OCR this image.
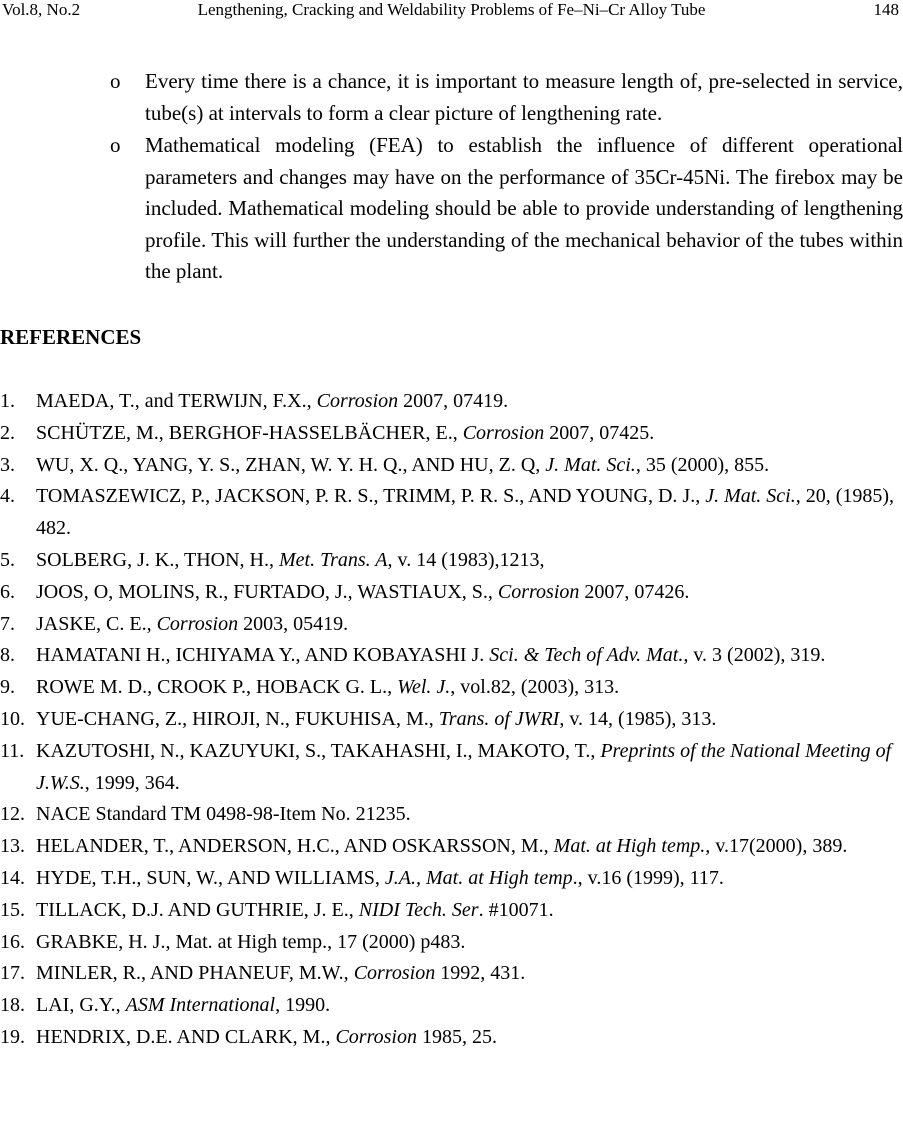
Vol.8, No.2	Lengthening, Cracking and Weldability Problems of Fe–Ni–Cr Alloy Tube	148
o Every time there is a chance, it is important to measure length of, pre-selected in service, tube(s) at intervals to form a clear picture of lengthening rate.
o Mathematical modeling (FEA) to establish the influence of different operational parameters and changes may have on the performance of 35Cr-45Ni. The firebox may be included. Mathematical modeling should be able to provide understanding of lengthening profile. This will further the understanding of the mechanical behavior of the tubes within the plant.
REFERENCES
1. MAEDA, T., and TERWIJN, F.X., Corrosion 2007, 07419.
2. SCHÜTZE, M., BERGHOF-HASSELBÄCHER, E., Corrosion 2007, 07425.
3. WU, X. Q., YANG, Y. S., ZHAN, W. Y. H. Q., AND HU, Z. Q, J. Mat. Sci., 35 (2000), 855.
4. TOMASZEWICZ, P., JACKSON, P. R. S., TRIMM, P. R. S., AND YOUNG, D. J., J. Mat. Sci., 20, (1985), 482.
5. SOLBERG, J. K., THON, H., Met. Trans. A, v. 14 (1983),1213,
6. JOOS, O, MOLINS, R., FURTADO, J., WASTIAUX, S., Corrosion 2007, 07426.
7. JASKE, C. E., Corrosion 2003, 05419.
8. HAMATANI H., ICHIYAMA Y., AND KOBAYASHI J. Sci. & Tech of Adv. Mat., v. 3 (2002), 319.
9. ROWE M. D., CROOK P., HOBACK G. L., Wel. J., vol.82, (2003), 313.
10. YUE-CHANG, Z., HIROJI, N., FUKUHISA, M., Trans. of JWRI, v. 14, (1985), 313.
11. KAZUTOSHI, N., KAZUYUKI, S., TAKAHASHI, I., MAKOTO, T., Preprints of the National Meeting of J.W.S., 1999, 364.
12. NACE Standard TM 0498-98-Item No. 21235.
13. HELANDER, T., ANDERSON, H.C., AND OSKARSSON, M., Mat. at High temp., v.17(2000), 389.
14. HYDE, T.H., SUN, W., AND WILLIAMS, J.A., Mat. at High temp., v.16 (1999), 117.
15. TILLACK, D.J. AND GUTHRIE, J. E., NIDI Tech. Ser. #10071.
16. GRABKE, H. J., Mat. at High temp., 17 (2000) p483.
17. MINLER, R., AND PHANEUF, M.W., Corrosion 1992, 431.
18. LAI, G.Y., ASM International, 1990.
19. HENDRIX, D.E. AND CLARK, M., Corrosion 1985, 25.
